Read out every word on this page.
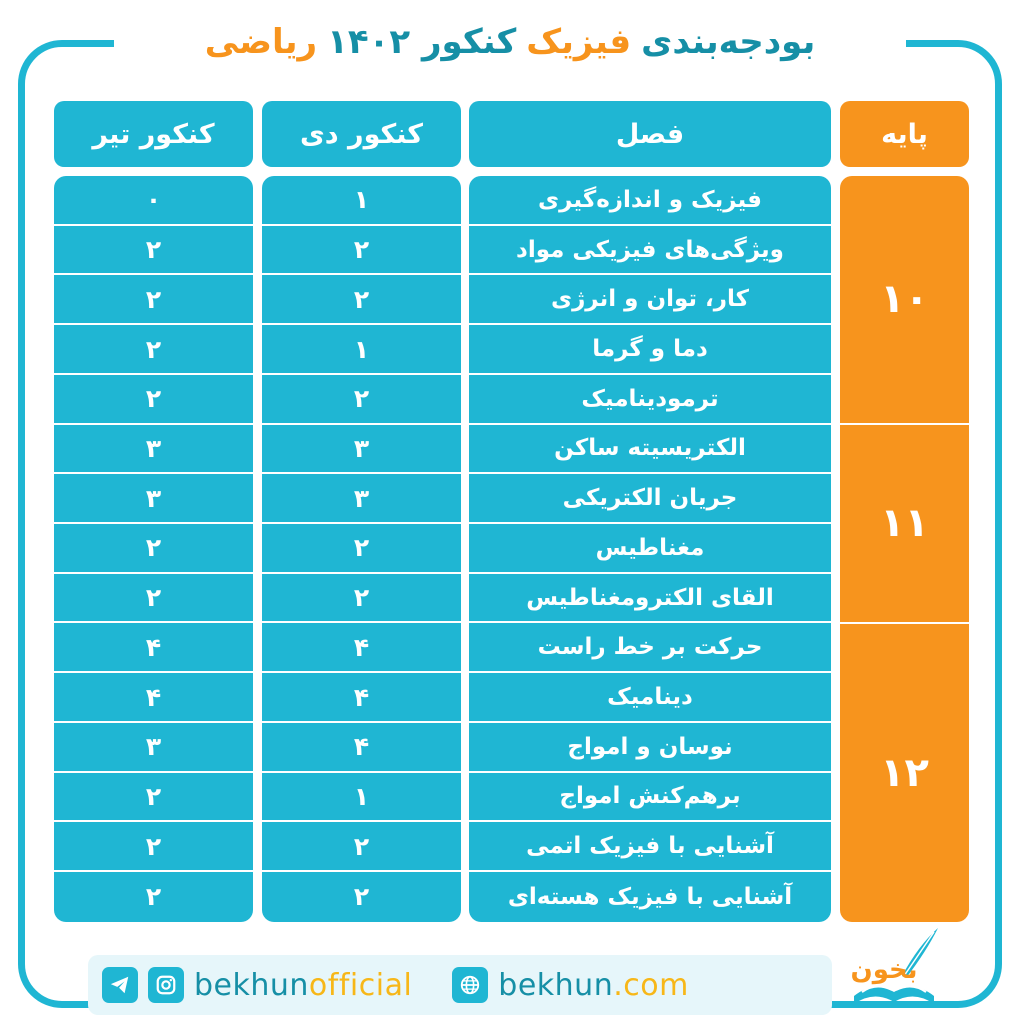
بودجه‌بندی
فیزیک
کنکور ۱۴۰۲
ریاضی
پایه
فصل
کنکور دی
کنکور تیر
۱۰
۱۱
۱۲
فیزیک و اندازه‌گیری
ویژگی‌های فیزیکی مواد
کار، توان و انرژی
دما و گرما
ترمودینامیک
الکتریسیته ساکن
جریان الکتریکی
مغناطیس
القای الکترومغناطیس
حرکت بر خط راست
دینامیک
نوسان و امواج
برهم‌کنش امواج
آشنایی با فیزیک اتمی
آشنایی با فیزیک هسته‌ای
۱
۲
۲
۱
۲
۳
۳
۲
۲
۴
۴
۴
۱
۲
۲
۰
۲
۲
۲
۲
۳
۳
۲
۲
۴
۴
۳
۲
۲
۲
bekhunofficial	bekhun.com	بخون
